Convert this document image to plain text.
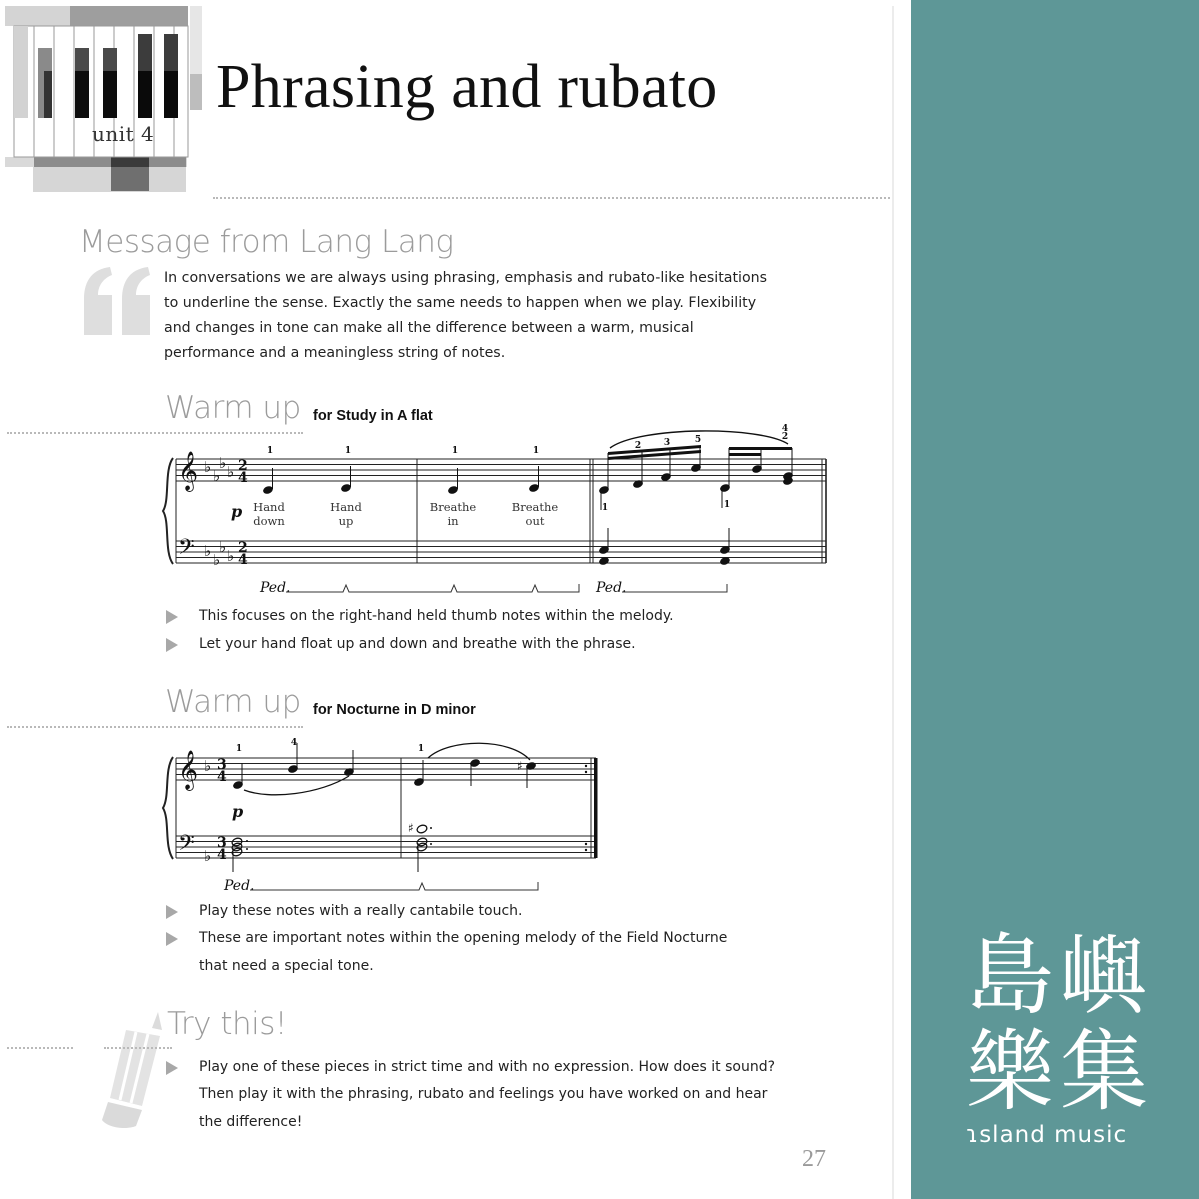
unit 4
Phrasing and rubato
Message from Lang Lang
In conversations we are always using phrasing, emphasis and rubato-like hesitations
to underline the sense. Exactly the same needs to happen when we play. Flexibility
and changes in tone can make all the difference between a warm, musical
performance and a meaningless string of notes.
Warm up for Study in A flat
𝄞
𝄢
♭ ♭
♭ ♭
♭ ♭
♭ ♭
2
4
2
4
1	1	1	1	2	3	5
4
2
1	1
p Hand
down
Hand
up
Breathe
in
Breathe
out
Ped.	Ped.
This focuses on the right-hand held thumb notes within the melody.
Let your hand float up and down and breathe with the phrase.
Warm up for Nocturne in D minor
𝄞
𝄢
♭
♭
3
4
3
4
♯
♯
1
4
1
p
Ped.
Play these notes with a really cantabile touch.
These are important notes within the opening melody of the Field Nocturne
that need a special tone.
Try this!
Play one of these pieces in strict time and with no expression. How does it sound?
Then play it with the phrasing, rubato and feelings you have worked on and hear
the difference!
27
島嶼
樂集
ɿsland music
